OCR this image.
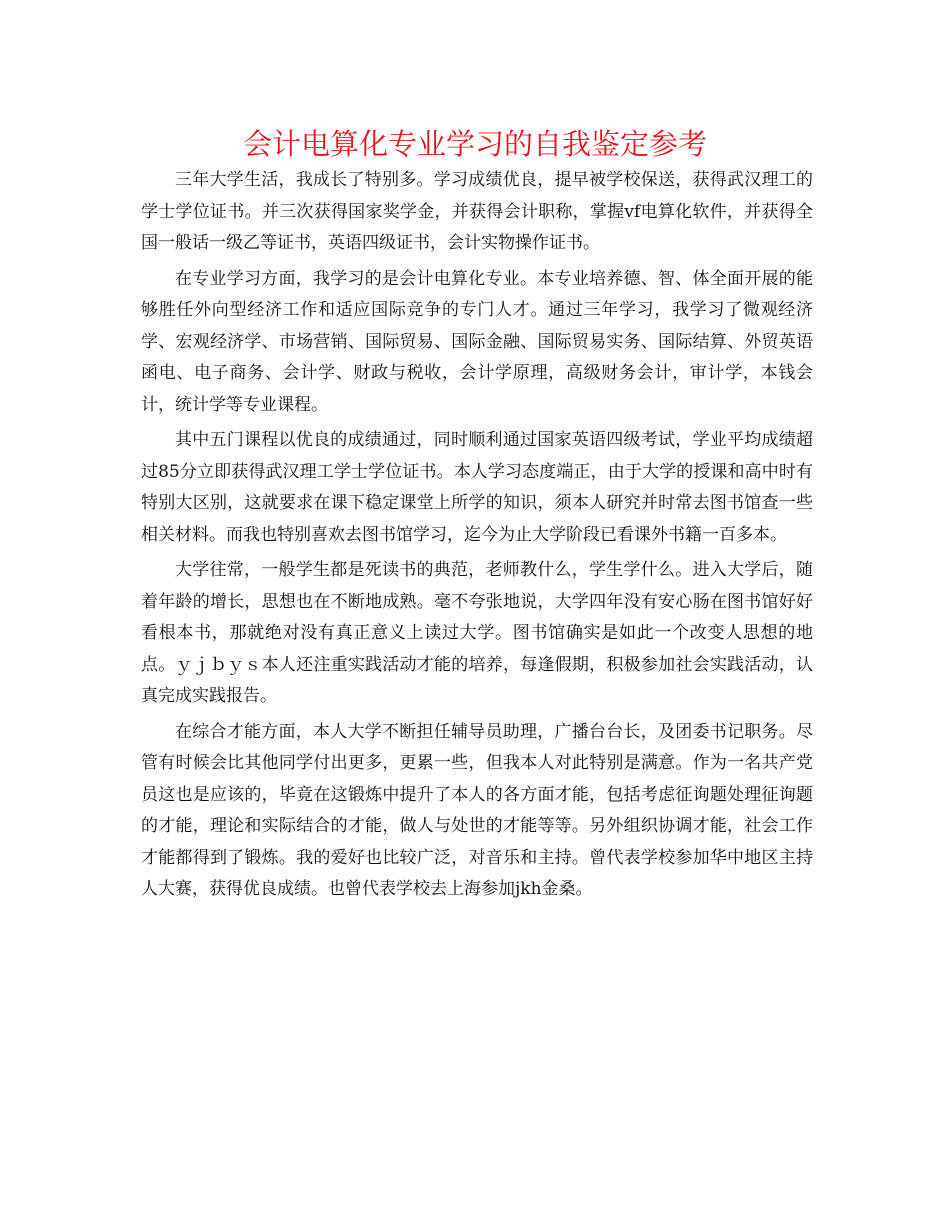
会计电算化专业学习的自我鉴定参考

三年大学生活，我成长了特别多。学习成绩优良，提早被学校保送，获得武汉理工的学士学位证书。并三次获得国家奖学金，并获得会计职称，掌握vf电算化软件，并获得全国一般话一级乙等证书，英语四级证书，会计实物操作证书。

在专业学习方面，我学习的是会计电算化专业。本专业培养德、智、体全面开展的能够胜任外向型经济工作和适应国际竞争的专门人才。通过三年学习，我学习了微观经济学、宏观经济学、市场营销、国际贸易、国际金融、国际贸易实务、国际结算、外贸英语函电、电子商务、会计学、财政与税收，会计学原理，高级财务会计，审计学，本钱会计，统计学等专业课程。

其中五门课程以优良的成绩通过，同时顺利通过国家英语四级考试，学业平均成绩超过85分立即获得武汉理工学士学位证书。本人学习态度端正，由于大学的授课和高中时有特别大区别，这就要求在课下稳定课堂上所学的知识，须本人研究并时常去图书馆查一些相关材料。而我也特别喜欢去图书馆学习，迄今为止大学阶段已看课外书籍一百多本。

大学往常，一般学生都是死读书的典范，老师教什么，学生学什么。进入大学后，随着年龄的增长，思想也在不断地成熟。毫不夸张地说，大学四年没有安心肠在图书馆好好看根本书，那就绝对没有真正意义上读过大学。图书馆确实是如此一个改变人思想的地点。ｙｊｂｙｓ本人还注重实践活动才能的培养，每逢假期，积极参加社会实践活动，认真完成实践报告。

在综合才能方面，本人大学不断担任辅导员助理，广播台台长，及团委书记职务。尽管有时候会比其他同学付出更多，更累一些，但我本人对此特别是满意。作为一名共产党员这也是应该的，毕竟在这锻炼中提升了本人的各方面才能，包括考虑征询题处理征询题的才能，理论和实际结合的才能，做人与处世的才能等等。另外组织协调才能，社会工作才能都得到了锻炼。我的爱好也比较广泛，对音乐和主持。曾代表学校参加华中地区主持人大赛，获得优良成绩。也曾代表学校去上海参加jkh金桑。
